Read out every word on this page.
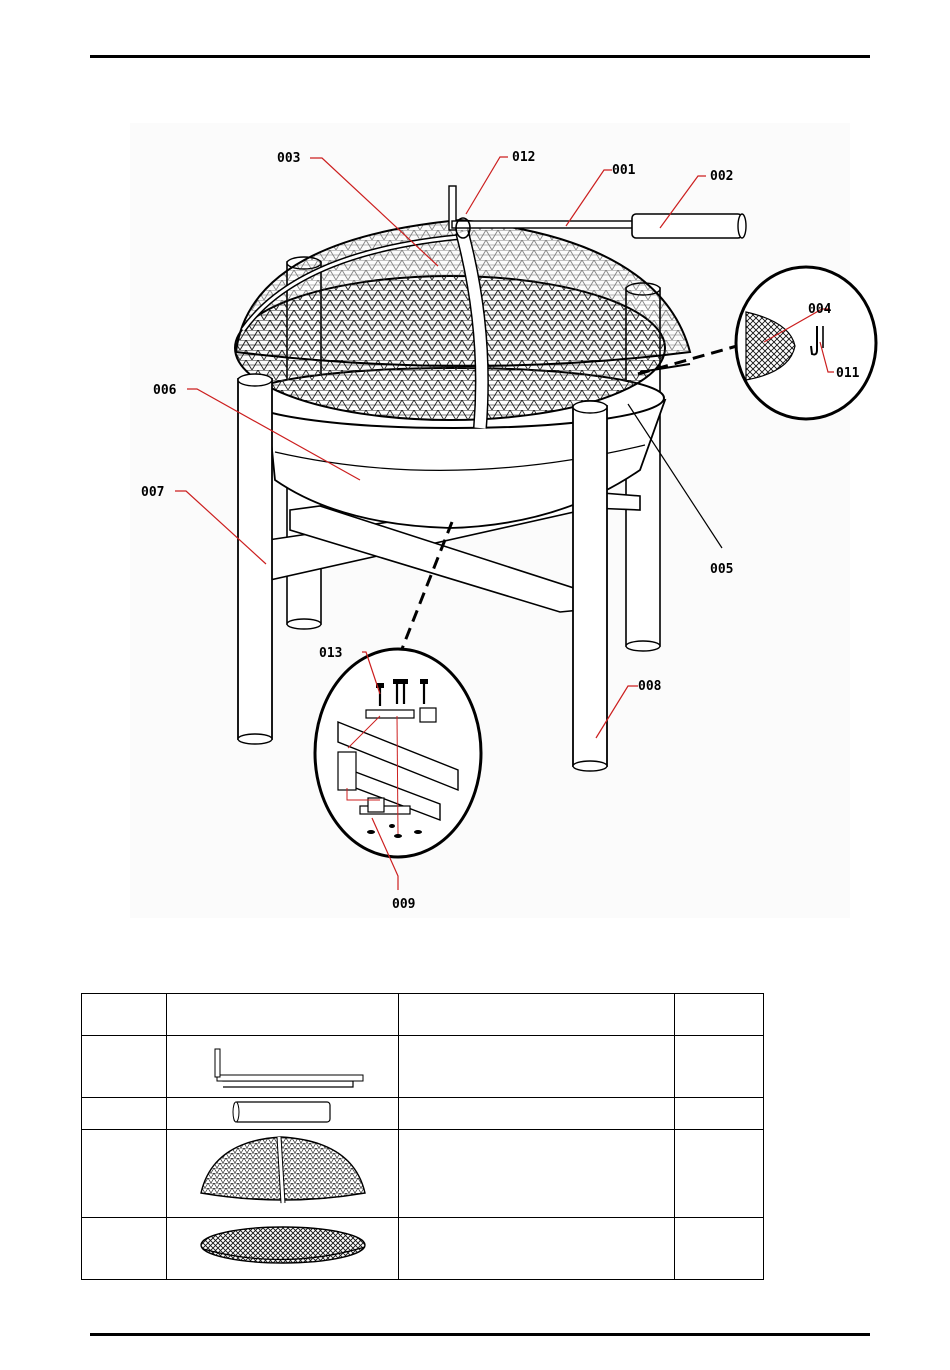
003	012
001	002
004
011
006
007
005
013
008
009
